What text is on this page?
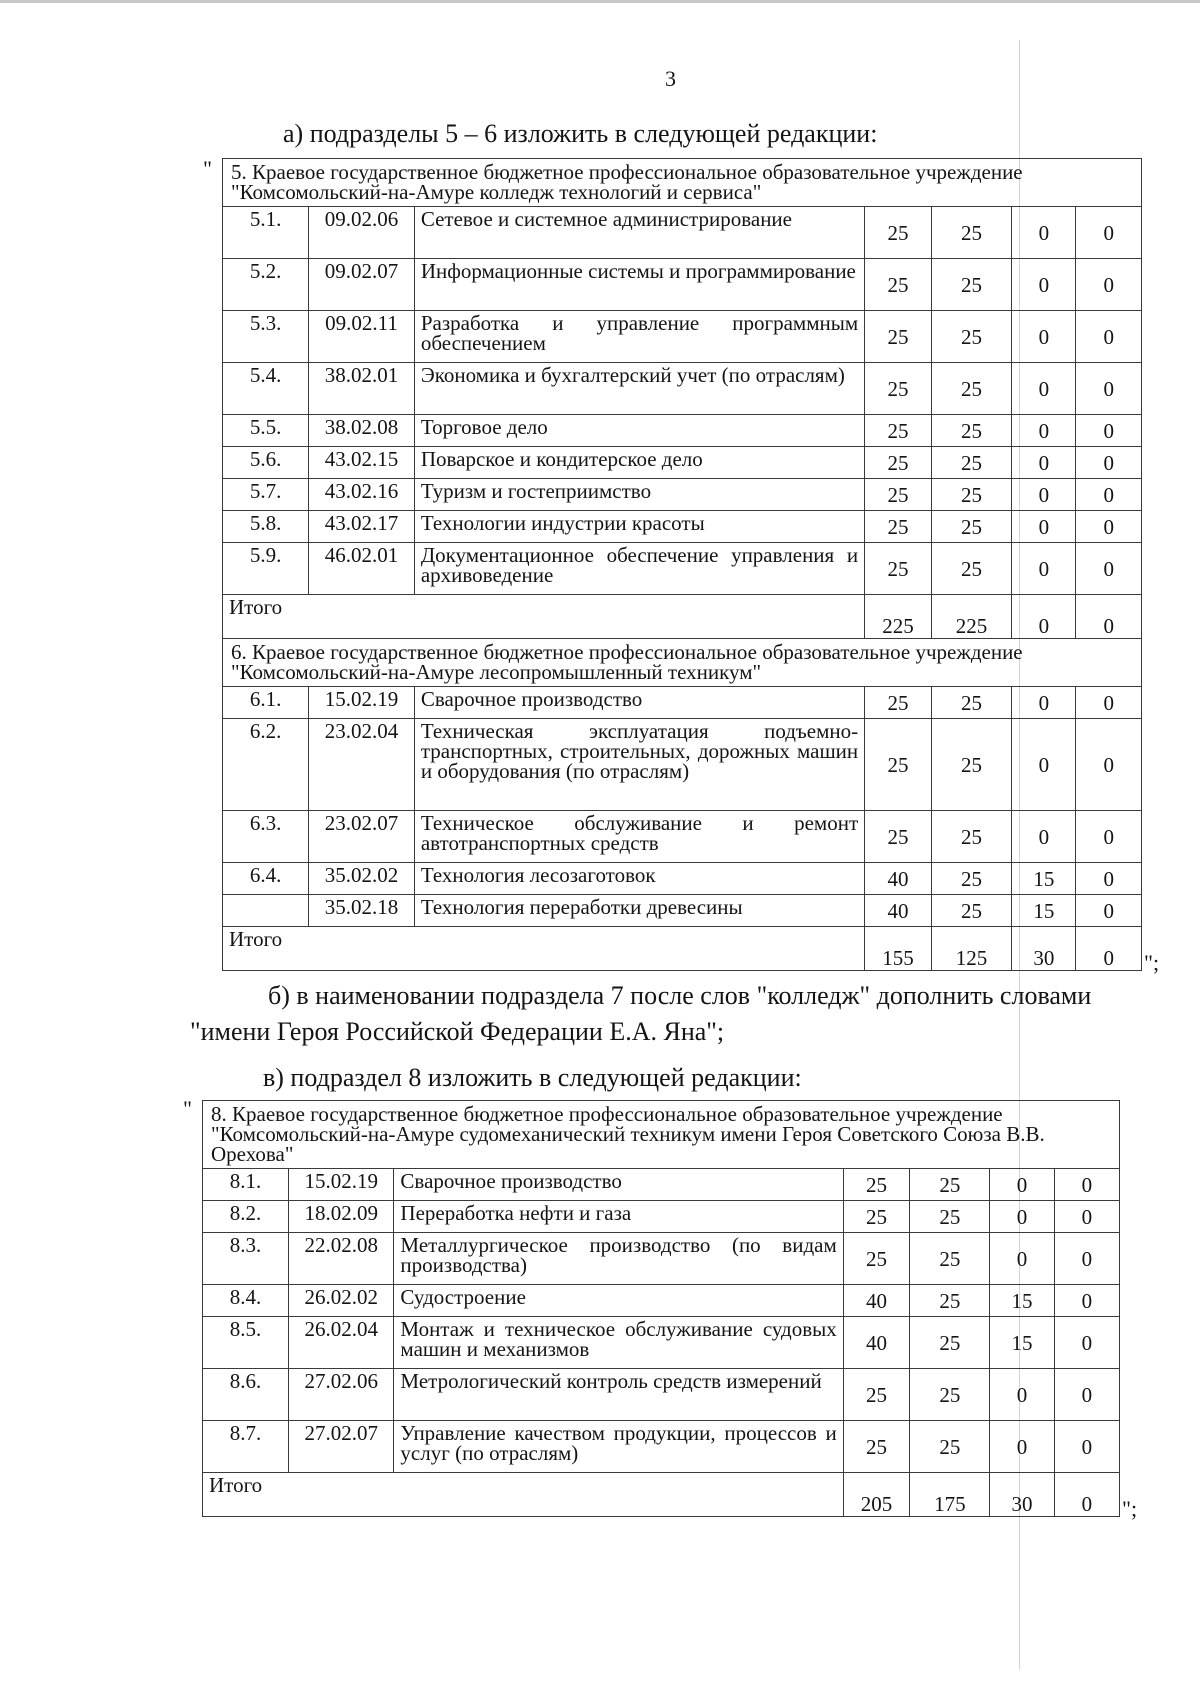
3
а) подразделы 5 – 6 изложить в следующей редакции:
" 5. Краевое государственное бюджетное профессиональное образовательное учреждение "Комсомольский-на-Амуре колледж технологий и сервиса"						
5.1.	09.02.06	Сетевое и системное администрирование	25	25	0	0
5.2.	09.02.07	Информационные системы и программирование	25	25	0	0
5.3.	09.02.11	Разработка и управление программным обеспечением	25	25	0	0
5.4.	38.02.01	Экономика и бухгалтерский учет (по отраслям)	25	25	0	0
5.5.	38.02.08	Торговое дело	25	25	0	0
5.6.	43.02.15	Поварское и кондитерское дело	25	25	0	0
5.7.	43.02.16	Туризм и гостеприимство	25	25	0	0
5.8.	43.02.17	Технологии индустрии красоты	25	25	0	0
5.9.	46.02.01	Документационное обеспечение управления и архивоведение	25	25	0	0
Итого			225	225	0	0
6. Краевое государственное бюджетное профессиональное образовательное учреждение "Комсомольский-на-Амуре лесопромышленный техникум"						
6.1.	15.02.19	Сварочное производство	25	25	0	0
6.2.	23.02.04	Техническая эксплуатация подъемно-транспортных, строительных, дорожных машин и оборудования (по отраслям)	25	25	0	0
6.3.	23.02.07	Техническое обслуживание и ремонт автотранспортных средств	25	25	0	0
6.4.	35.02.02	Технология лесозаготовок	40	25	15	0
	35.02.18	Технология переработки древесины	40	25	15	0
Итого			155	125	30	0 ";
б) в наименовании подраздела 7 после слов "колледж" дополнить словами
"имени Героя Российской Федерации Е.А. Яна";
в) подраздел 8 изложить в следующей редакции:
" 8. Краевое государственное бюджетное профессиональное образовательное учреждение "Комсомольский-на-Амуре судомеханический техникум имени Героя Советского Союза В.В. Орехова"						
8.1.	15.02.19	Сварочное производство	25	25	0	0
8.2.	18.02.09	Переработка нефти и газа	25	25	0	0
8.3.	22.02.08	Металлургическое производство (по видам производства)	25	25	0	0
8.4.	26.02.02	Судостроение	40	25	15	0
8.5.	26.02.04	Монтаж и техническое обслуживание судовых машин и механизмов	40	25	15	0
8.6.	27.02.06	Метрологический контроль средств измерений	25	25	0	0
8.7.	27.02.07	Управление качеством продукции, процессов и услуг (по отраслям)	25	25	0	0
Итого			205	175	30	0 ";
